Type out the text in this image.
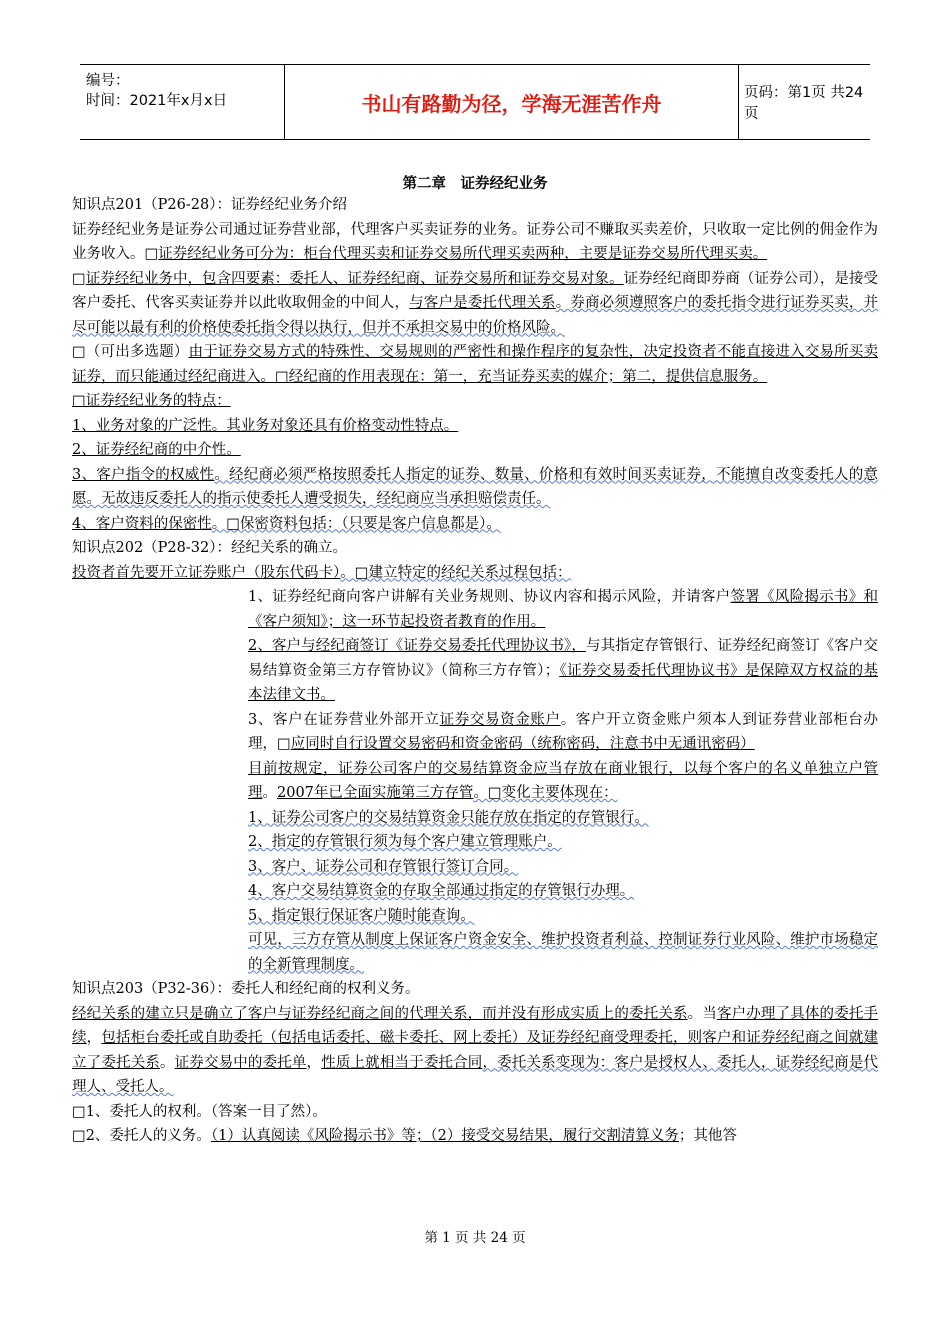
编号：
时间：2021年x月x日	书山有路勤为径，学海无涯苦作舟	页码：第1页 共24页
第二章　证券经纪业务

知识点201（P26-28）：证券经纪业务介绍

证券经纪业务是证券公司通过证券营业部，代理客户买卖证券的业务。证券公司不赚取买卖差价，只收取一定比例的佣金作为业务收入。□证券经纪业务可分为：柜台代理买卖和证券交易所代理买卖两种，主要是证券交易所代理买卖。

□证券经纪业务中，包含四要素：委托人、证券经纪商、证券交易所和证券交易对象。证券经纪商即券商（证券公司），是接受客户委托、代客买卖证券并以此收取佣金的中间人，与客户是委托代理关系。券商必须遵照客户的委托指令进行证券买卖，并尽可能以最有利的价格使委托指令得以执行，但并不承担交易中的价格风险。

□（可出多选题）由于证券交易方式的特殊性、交易规则的严密性和操作程序的复杂性，决定投资者不能直接进入交易所买卖证券，而只能通过经纪商进入。□经纪商的作用表现在：第一，充当证券买卖的媒介；第二，提供信息服务。

□证券经纪业务的特点：

1、业务对象的广泛性。其业务对象还具有价格变动性特点。

2、证券经纪商的中介性。

3、客户指令的权威性。经纪商必须严格按照委托人指定的证券、数量、价格和有效时间买卖证券，不能擅自改变委托人的意愿。无故违反委托人的指示使委托人遭受损失，经纪商应当承担赔偿责任。

4、客户资料的保密性。□保密资料包括：（只要是客户信息都是）。

知识点202（P28-32）：经纪关系的确立。

投资者首先要开立证券账户（股东代码卡）。□建立特定的经纪关系过程包括：

1、证券经纪商向客户讲解有关业务规则、协议内容和揭示风险，并请客户签署《风险揭示书》和《客户须知》；这一环节起投资者教育的作用。

2、客户与经纪商签订《证券交易委托代理协议书》，与其指定存管银行、证券经纪商签订《客户交易结算资金第三方存管协议》（简称三方存管）；《证券交易委托代理协议书》是保障双方权益的基本法律文书。

3、客户在证券营业外部开立证券交易资金账户。客户开立资金账户须本人到证券营业部柜台办理，□应同时自行设置交易密码和资金密码（统称密码，注意书中无通讯密码）

目前按规定，证券公司客户的交易结算资金应当存放在商业银行，以每个客户的名义单独立户管理。2007年已全面实施第三方存管。□变化主要体现在：

1、证券公司客户的交易结算资金只能存放在指定的存管银行。

2、指定的存管银行须为每个客户建立管理账户。

3、客户、证券公司和存管银行签订合同。

4、客户交易结算资金的存取全部通过指定的存管银行办理。

5、指定银行保证客户随时能查询。

可见，三方存管从制度上保证客户资金安全、维护投资者利益、控制证券行业风险、维护市场稳定的全新管理制度。

知识点203（P32-36）：委托人和经纪商的权利义务。

经纪关系的建立只是确立了客户与证券经纪商之间的代理关系，而并没有形成实质上的委托关系。当客户办理了具体的委托手续，包括柜台委托或自助委托（包括电话委托、磁卡委托、网上委托）及证券经纪商受理委托，则客户和证券经纪商之间就建立了委托关系。证券交易中的委托单，性质上就相当于委托合同，委托关系变现为：客户是授权人、委托人，证券经纪商是代理人、受托人。

□1、委托人的权利。（答案一目了然）。

□2、委托人的义务。（1）认真阅读《风险揭示书》等；（2）接受交易结果，履行交割清算义务；其他答

第 1 页 共 24 页
